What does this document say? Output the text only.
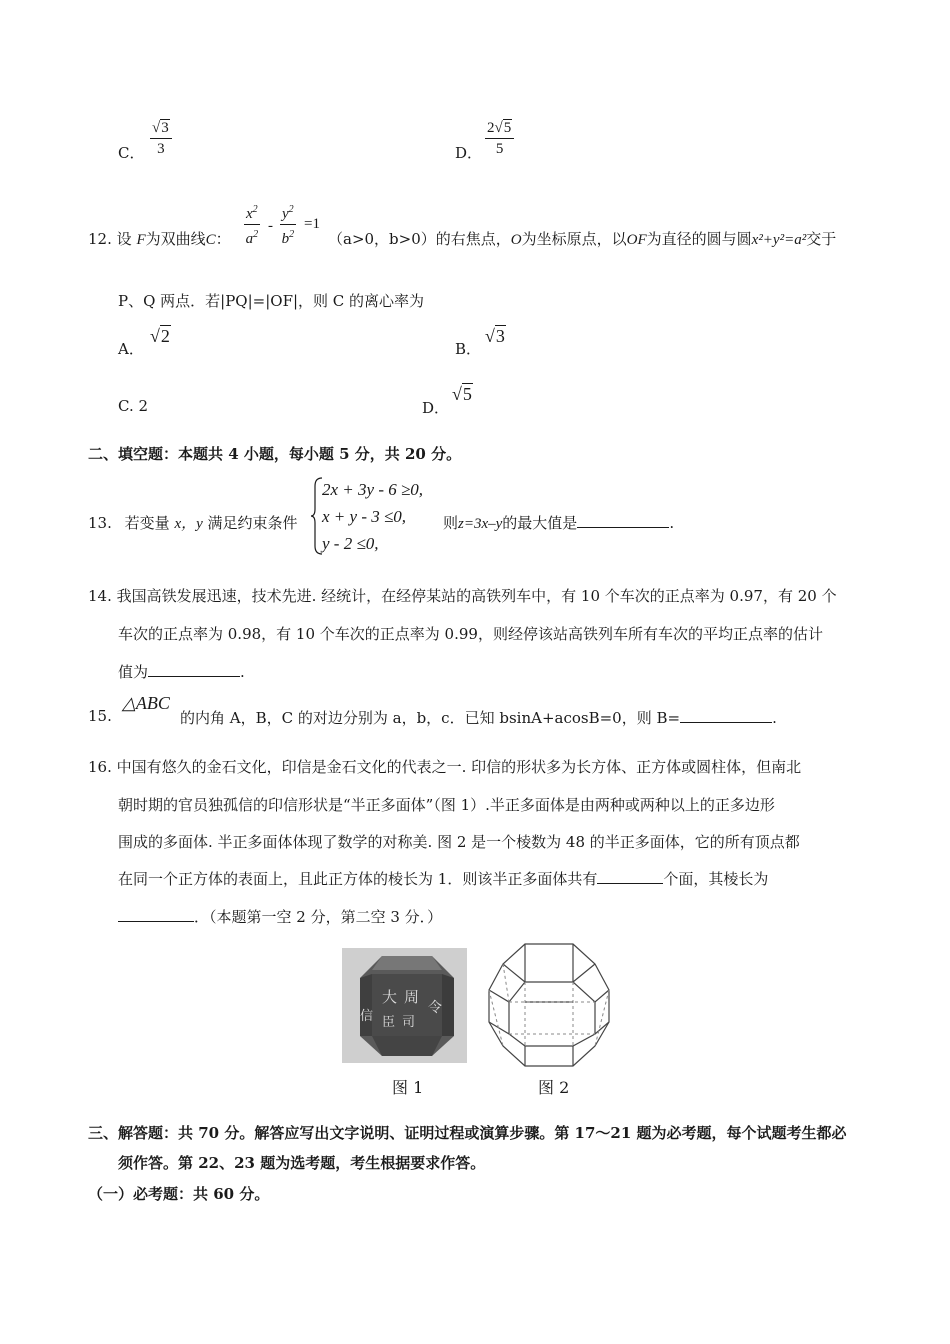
C． $\frac{√3}{3}$	D． $\frac{2√5}{5}$
12. 设 F为双曲线C： $\frac{x^2}{a^2} - \frac{y^2}{b^2} =1$
（a>0，b>0）的右焦点，O为坐标原点，以OF为直径的圆与圆x²+y²=a²交于
P、Q 两点．若|PQ|=|OF|，则 C 的离心率为
A．
√2
B．
√3
C. 2	D．
√5
二、填空题：本题共 4 小题，每小题 5 分，共 20 分。
13. 若变量 x，y 满足约束条件
2x + 3y - 6 ≥0,
x + y - 3 ≤0,
y - 2 ≤0,
则z=3x–y的最大值是	.
14. 我国高铁发展迅速，技术先进. 经统计，在经停某站的高铁列车中，有 10 个车次的正点率为 0.97，有 20 个
车次的正点率为 0.98，有 10 个车次的正点率为 0.99，则经停该站高铁列车所有车次的平均正点率的估计
值为	.
15.
△ABC
的内角 A，B，C 的对边分别为 a，b，c．已知 bsinA+acosB=0，则 B=	.
16. 中国有悠久的金石文化，印信是金石文化的代表之一. 印信的形状多为长方体、正方体或圆柱体，但南北
朝时期的官员独孤信的印信形状是“半正多面体”（图 1）.半正多面体是由两种或两种以上的正多边形
围成的多面体. 半正多面体体现了数学的对称美. 图 2 是一个棱数为 48 的半正多面体，它的所有顶点都
在同一个正方体的表面上，且此正方体的棱长为 1．则该半正多面体共有	个面，其棱长为
．（本题第一空 2 分，第二空 3 分．）
大 周
信 臣
令
司
图 1	图 2
三、解答题：共 70 分。解答应写出文字说明、证明过程或演算步骤。第 17～21 题为必考题，每个试题考生都必
须作答。第 22、23 题为选考题，考生根据要求作答。
（一）必考题：共 60 分。
